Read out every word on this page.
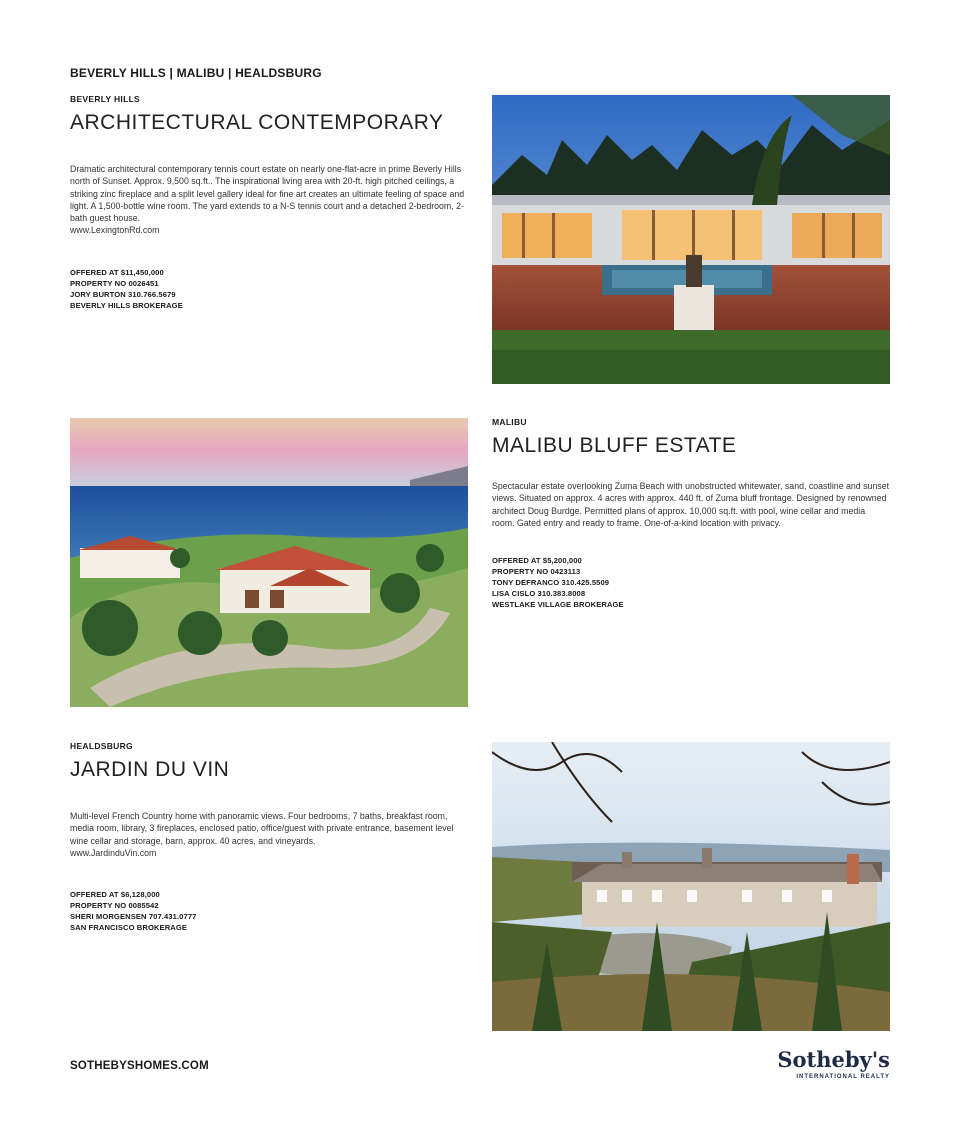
BEVERLY HILLS | MALIBU | HEALDSBURG
BEVERLY HILLS
ARCHITECTURAL CONTEMPORARY
Dramatic architectural contemporary tennis court estate on nearly one-flat-acre in prime Beverly Hills north of Sunset. Approx. 9,500 sq.ft.. The inspirational living area with 20-ft. high pitched ceilings, a striking zinc fireplace and a split level gallery ideal for fine art creates an ultimate feeling of space and light. A 1,500-bottle wine room. The yard extends to a N-S tennis court and a detached 2-bedroom, 2-bath guest house.
www.LexingtonRd.com
OFFERED AT $11,450,000
PROPERTY NO 0026451
JORY BURTON 310.766.5679
BEVERLY HILLS BROKERAGE
MALIBU
MALIBU BLUFF ESTATE
Spectacular estate overlooking Zuma Beach with unobstructed whitewater, sand, coastline and sunset views. Situated on approx. 4 acres with approx. 440 ft. of Zuma bluff frontage. Designed by renowned architect Doug Burdge. Permitted plans of approx. 10,000 sq.ft. with pool, wine cellar and media room. Gated entry and ready to frame. One-of-a-kind location with privacy.
OFFERED AT $5,200,000
PROPERTY NO 0423113
TONY DEFRANCO 310.425.5509
LISA CISLO 310.383.8008
WESTLAKE VILLAGE BROKERAGE
HEALDSBURG
JARDIN DU VIN
Multi-level French Country home with panoramic views. Four bedrooms, 7 baths, breakfast room, media room, library, 3 fireplaces, enclosed patio, office/guest with private entrance, basement level wine cellar and storage, barn, approx. 40 acres, and vineyards.
www.JardinduVin.com
OFFERED AT $6,128,000
PROPERTY NO 0085542
SHERI MORGENSEN 707.431.0777
SAN FRANCISCO BROKERAGE
SOTHEBYSHOMES.COM	Sotheby's
INTERNATIONAL REALTY
